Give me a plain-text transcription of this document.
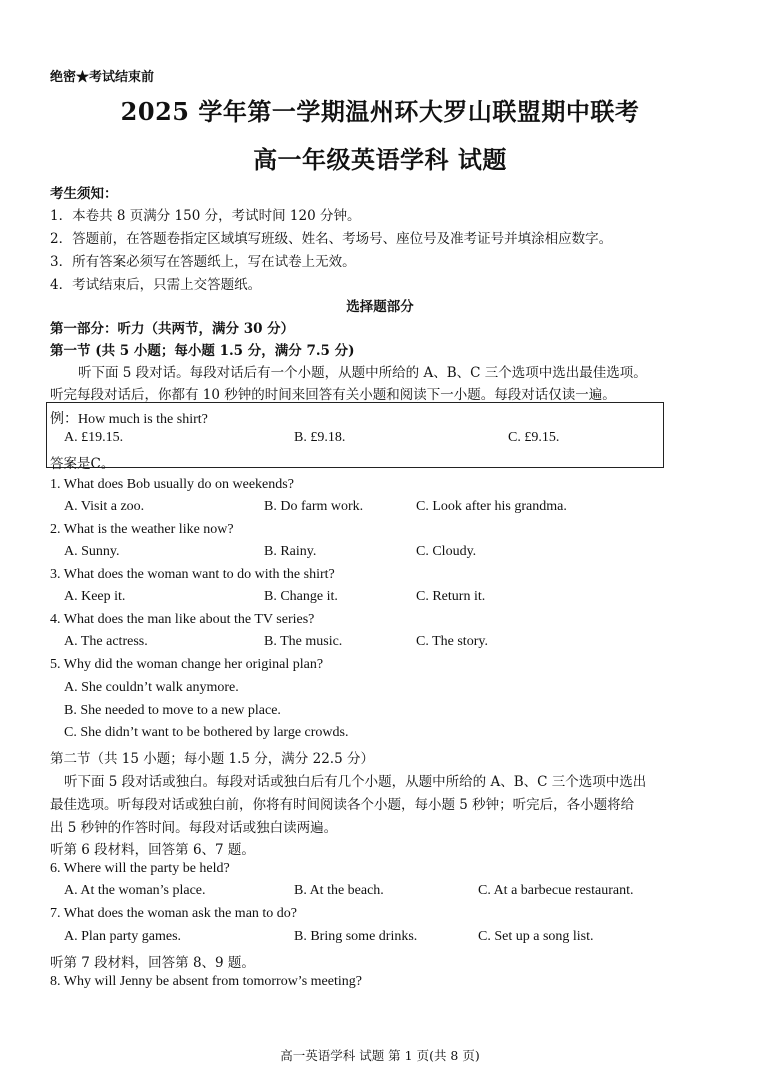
绝密★考试结束前
2025 学年第一学期温州环大罗山联盟期中联考
高一年级英语学科 试题
考生须知：
1．本卷共 8 页满分 150 分，考试时间 120 分钟。
2．答题前，在答题卷指定区域填写班级、姓名、考场号、座位号及准考证号并填涂相应数字。
3．所有答案必须写在答题纸上，写在试卷上无效。
4．考试结束后，只需上交答题纸。
选择题部分
第一部分：听力（共两节，满分 30 分）
第一节 (共 5 小题；每小题 1.5 分，满分 7.5 分)
听下面 5 段对话。每段对话后有一个小题，从题中所给的 A、B、C 三个选项中选出最佳选项。
听完每段对话后，你都有 10 秒钟的时间来回答有关小题和阅读下一小题。每段对话仅读一遍。
例：How much is the shirt?
A. £19.15.	B. £9.18.	C. £9.15.
答案是C。
1. What does Bob usually do on weekends?
A. Visit a zoo.	B. Do farm work.	C. Look after his grandma.
2. What is the weather like now?
A. Sunny.	B. Rainy.	C. Cloudy.
3. What does the woman want to do with the shirt?
A. Keep it.	B. Change it.	C. Return it.
4. What does the man like about the TV series?
A. The actress.	B. The music.	C. The story.
5. Why did the woman change her original plan?
A. She couldn’t walk anymore.
B. She needed to move to a new place.
C. She didn’t want to be bothered by large crowds.
第二节（共 15 小题；每小题 1.5 分，满分 22.5 分）
听下面 5 段对话或独白。每段对话或独白后有几个小题，从题中所给的 A、B、C 三个选项中选出
最佳选项。听每段对话或独白前，你将有时间阅读各个小题，每小题 5 秒钟；听完后，各小题将给
出 5 秒钟的作答时间。每段对话或独白读两遍。
听第 6 段材料，回答第 6、7 题。
6. Where will the party be held?
A. At the woman’s place.	B. At the beach.	C. At a barbecue restaurant.
7. What does the woman ask the man to do?
A. Plan party games.	B. Bring some drinks.	C. Set up a song list.
听第 7 段材料，回答第 8、9 题。
8. Why will Jenny be absent from tomorrow’s meeting?
高一英语学科 试题 第 1 页(共 8 页)
